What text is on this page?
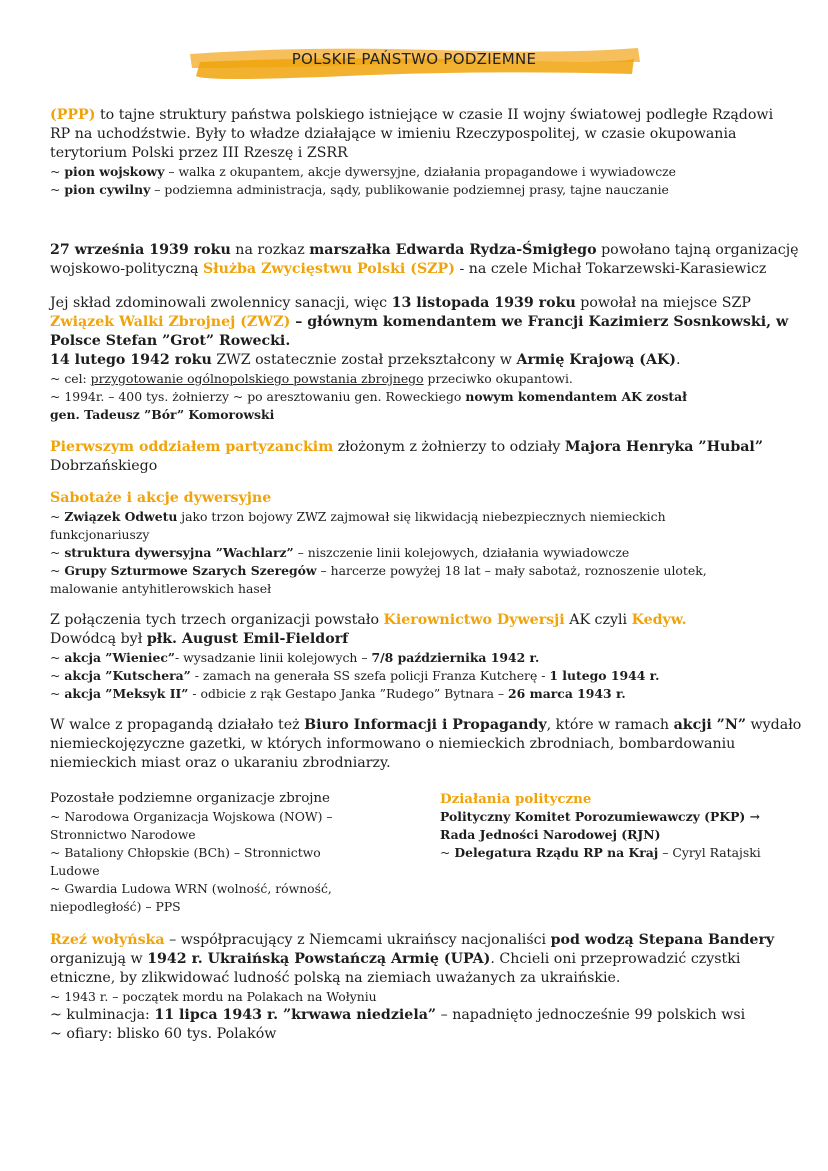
POLSKIE PAŃSTWO PODZIEMNE
(PPP) to tajne struktury państwa polskiego istniejące w czasie II wojny światowej podległe Rządowi
RP na uchodźstwie. Były to władze działające w imieniu Rzeczypospolitej, w czasie okupowania
terytorium Polski przez III Rzeszę i ZSRR
~ pion wojskowy – walka z okupantem, akcje dywersyjne, działania propagandowe i wywiadowcze
~ pion cywilny – podziemna administracja, sądy, publikowanie podziemnej prasy, tajne nauczanie
27 września 1939 roku na rozkaz marszałka Edwarda Rydza-Śmigłego powołano tajną organizację
wojskowo-polityczną Służba Zwycięstwu Polski (SZP) - na czele Michał Tokarzewski-Karasiewicz
Jej skład zdominowali zwolennicy sanacji, więc 13 listopada 1939 roku powołał na miejsce SZP
Związek Walki Zbrojnej (ZWZ) – głównym komendantem we Francji Kazimierz Sosnkowski, w
Polsce Stefan ”Grot” Rowecki.
14 lutego 1942 roku ZWZ ostatecznie został przekształcony w Armię Krajową (AK).
~ cel: przygotowanie ogólnopolskiego powstania zbrojnego przeciwko okupantowi.
~ 1994r. – 400 tys. żołnierzy ~ po aresztowaniu gen. Roweckiego nowym komendantem AK został
gen. Tadeusz ”Bór” Komorowski
Pierwszym oddziałem partyzanckim złożonym z żołnierzy to odziały Majora Henryka ”Hubal”
Dobrzańskiego
Sabotaże i akcje dywersyjne
~ Związek Odwetu jako trzon bojowy ZWZ zajmował się likwidacją niebezpiecznych niemieckich
funkcjonariuszy
~ struktura dywersyjna ”Wachlarz” – niszczenie linii kolejowych, działania wywiadowcze
~ Grupy Szturmowe Szarych Szeregów – harcerze powyżej 18 lat – mały sabotaż, roznoszenie ulotek,
malowanie antyhitlerowskich haseł
Z połączenia tych trzech organizacji powstało Kierownictwo Dywersji AK czyli Kedyw.
Dowódcą był płk. August Emil-Fieldorf
~ akcja ”Wieniec”- wysadzanie linii kolejowych – 7/8 października 1942 r.
~ akcja ”Kutschera” - zamach na generała SS szefa policji Franza Kutcherę - 1 lutego 1944 r.
~ akcja ”Meksyk II” - odbicie z rąk Gestapo Janka ”Rudego” Bytnara – 26 marca 1943 r.
W walce z propagandą działało też Biuro Informacji i Propagandy, które w ramach akcji ”N” wydało
niemieckojęzyczne gazetki, w których informowano o niemieckich zbrodniach, bombardowaniu
niemieckich miast oraz o ukaraniu zbrodniarzy.
Pozostałe podziemne organizacje zbrojne
~ Narodowa Organizacja Wojskowa (NOW) –
Stronnictwo Narodowe
~ Bataliony Chłopskie (BCh) – Stronnictwo
Ludowe
~ Gwardia Ludowa WRN (wolność, równość,
niepodległość) – PPS
Działania polityczne
Polityczny Komitet Porozumiewawczy (PKP) →
Rada Jedności Narodowej (RJN)
~ Delegatura Rządu RP na Kraj – Cyryl Ratajski
Rzeź wołyńska – współpracujący z Niemcami ukraińscy nacjonaliści pod wodzą Stepana Bandery
organizują w 1942 r. Ukraińską Powstańczą Armię (UPA). Chcieli oni przeprowadzić czystki
etniczne, by zlikwidować ludność polską na ziemiach uważanych za ukraińskie.
~ 1943 r. – początek mordu na Polakach na Wołyniu
~ kulminacja: 11 lipca 1943 r. ”krwawa niedziela” – napadnięto jednocześnie 99 polskich wsi
~ ofiary: blisko 60 tys. Polaków
